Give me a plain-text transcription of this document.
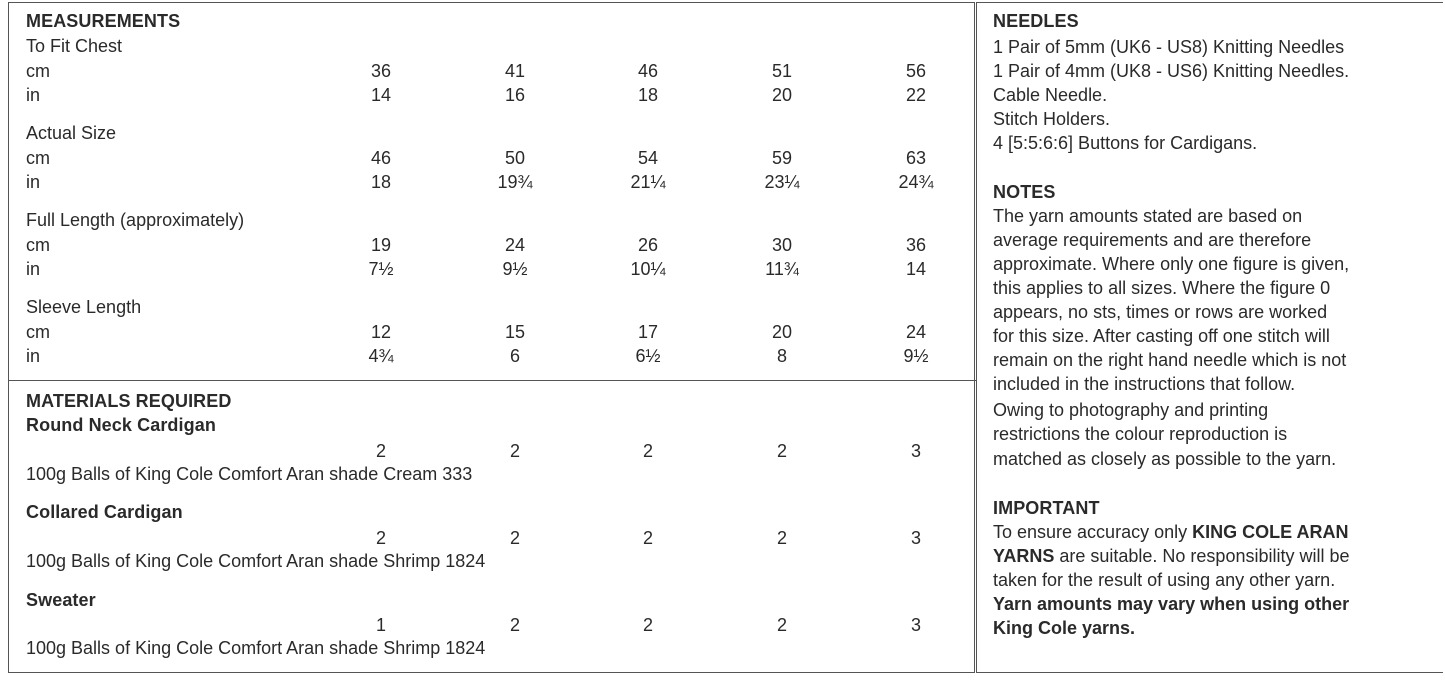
MEASUREMENTS
To Fit Chest
cm	36	41	46	51	56
in	14	16	18	20	22
Actual Size
cm	46	50	54	59	63
in	18	19¾	21¼	23¼	24¾
Full Length (approximately)
cm	19	24	26	30	36
in	7½	9½	10¼	11¾	14
Sleeve Length
cm	12	15	17	20	24
in	4¾	6	6½	8	9½
MATERIALS REQUIRED
Round Neck Cardigan
2	2	2	2	3
100g Balls of King Cole Comfort Aran shade Cream 333
Collared Cardigan
2	2	2	2	3
100g Balls of King Cole Comfort Aran shade Shrimp 1824
Sweater
1	2	2	2	3
100g Balls of King Cole Comfort Aran shade Shrimp 1824
NEEDLES
1 Pair of 5mm (UK6 - US8) Knitting Needles
1 Pair of 4mm (UK8 - US6) Knitting Needles.
Cable Needle.
Stitch Holders.
4 [5:5:6:6] Buttons for Cardigans.
NOTES
The yarn amounts stated are based on
average requirements and are therefore
approximate. Where only one figure is given,
this applies to all sizes. Where the figure 0
appears, no sts, times or rows are worked
for this size. After casting off one stitch will
remain on the right hand needle which is not
included in the instructions that follow.
Owing to photography and printing
restrictions the colour reproduction is
matched as closely as possible to the yarn.
IMPORTANT
To ensure accuracy only KING COLE ARAN
YARNS are suitable. No responsibility will be
taken for the result of using any other yarn.
Yarn amounts may vary when using other
King Cole yarns.
